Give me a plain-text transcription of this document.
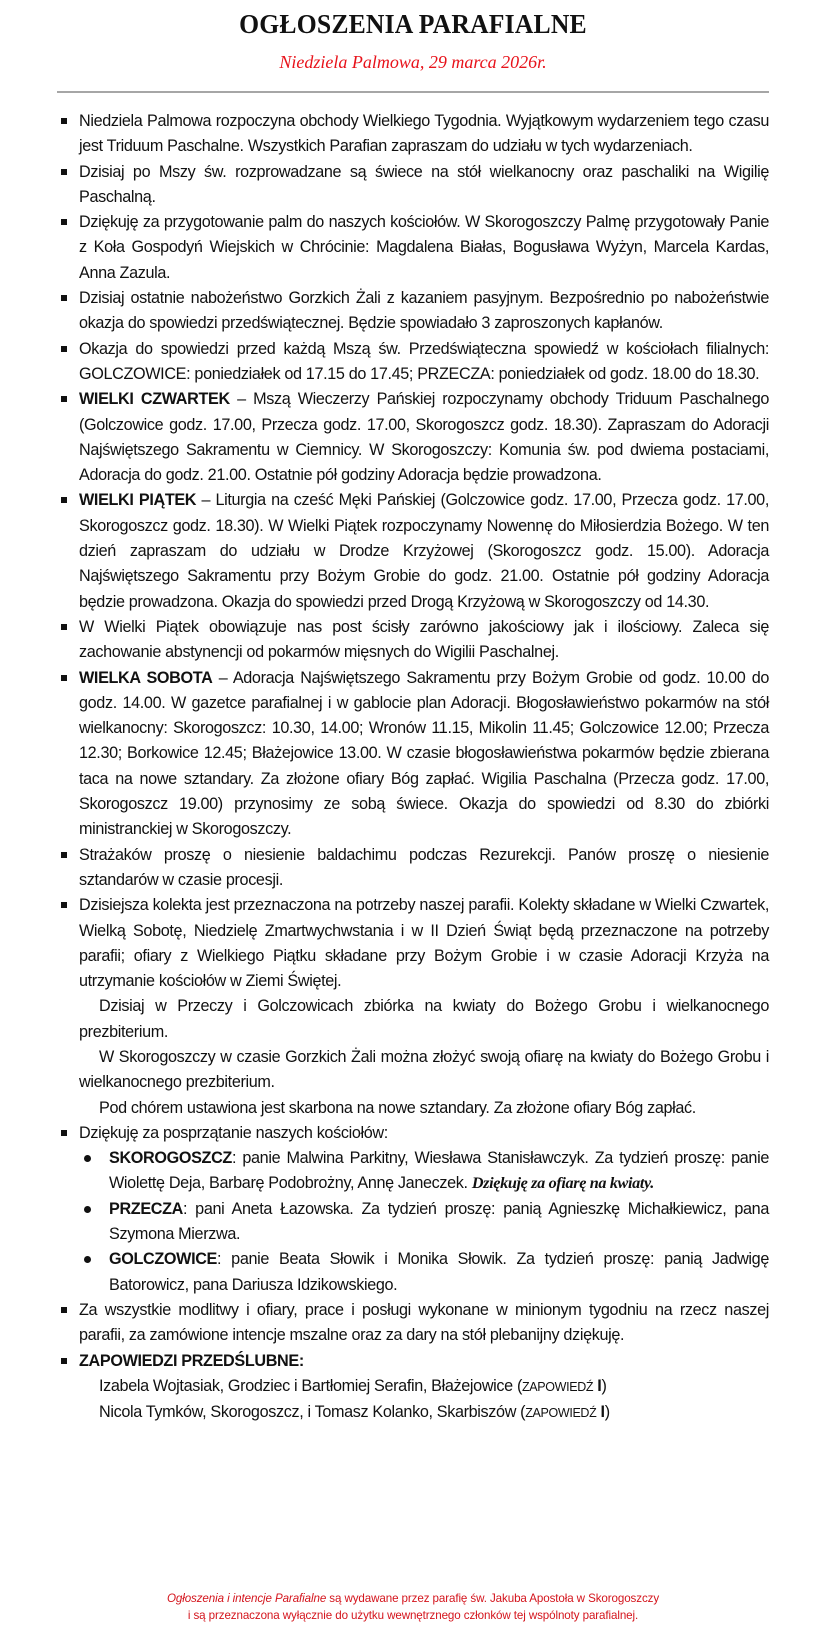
OGŁOSZENIA PARAFIALNE
Niedziela Palmowa, 29 marca 2026r.
Niedziela Palmowa rozpoczyna obchody Wielkiego Tygodnia. Wyjątkowym wydarzeniem tego czasu jest Triduum Paschalne. Wszystkich Parafian zapraszam do udziału w tych wydarzeniach.
Dzisiaj po Mszy św. rozprowadzane są świece na stół wielkanocny oraz paschaliki na Wigilię Paschalną.
Dziękuję za przygotowanie palm do naszych kościołów. W Skorogoszczy Palmę przygotowały Panie z Koła Gospodyń Wiejskich w Chrócinie: Magdalena Białas, Bogusława Wyżyn, Marcela Kardas, Anna Zazula.
Dzisiaj ostatnie nabożeństwo Gorzkich Żali z kazaniem pasyjnym. Bezpośrednio po nabożeństwie okazja do spowiedzi przedświątecznej. Będzie spowiadało 3 zaproszonych kapłanów.
Okazja do spowiedzi przed każdą Mszą św. Przedświąteczna spowiedź w kościołach filialnych: GOLCZOWICE: poniedziałek od 17.15 do 17.45; PRZECZA: poniedziałek od godz. 18.00 do 18.30.
WIELKI CZWARTEK – Mszą Wieczerzy Pańskiej rozpoczynamy obchody Triduum Paschalnego (Golczowice godz. 17.00, Przecza godz. 17.00, Skorogoszcz godz. 18.30). Zapraszam do Adoracji Najświętszego Sakramentu w Ciemnicy. W Skorogoszczy: Komunia św. pod dwiema postaciami, Adoracja do godz. 21.00. Ostatnie pół godziny Adoracja będzie prowadzona.
WIELKI PIĄTEK – Liturgia na cześć Męki Pańskiej (Golczowice godz. 17.00, Przecza godz. 17.00, Skorogoszcz godz. 18.30). W Wielki Piątek rozpoczynamy Nowennę do Miłosierdzia Bożego. W ten dzień zapraszam do udziału w Drodze Krzyżowej (Skorogoszcz godz. 15.00). Adoracja Najświętszego Sakramentu przy Bożym Grobie do godz. 21.00. Ostatnie pół godziny Adoracja będzie prowadzona. Okazja do spowiedzi przed Drogą Krzyżową w Skorogoszczy od 14.30.
W Wielki Piątek obowiązuje nas post ścisły zarówno jakościowy jak i ilościowy. Zaleca się zachowanie abstynencji od pokarmów mięsnych do Wigilii Paschalnej.
WIELKA SOBOTA – Adoracja Najświętszego Sakramentu przy Bożym Grobie od godz. 10.00 do godz. 14.00. W gazetce parafialnej i w gablocie plan Adoracji. Błogosławieństwo pokarmów na stół wielkanocny: Skorogoszcz: 10.30, 14.00; Wronów 11.15, Mikolin 11.45; Golczowice 12.00; Przecza 12.30; Borkowice 12.45; Błażejowice 13.00. W czasie błogosławieństwa pokarmów będzie zbierana taca na nowe sztandary. Za złożone ofiary Bóg zapłać. Wigilia Paschalna (Przecza godz. 17.00, Skorogoszcz 19.00) przynosimy ze sobą świece. Okazja do spowiedzi od 8.30 do zbiórki ministranckiej w Skorogoszczy.
Strażaków proszę o niesienie baldachimu podczas Rezurekcji. Panów proszę o niesienie sztandarów w czasie procesji.
Dzisiejsza kolekta jest przeznaczona na potrzeby naszej parafii. Kolekty składane w Wielki Czwartek, Wielką Sobotę, Niedzielę Zmartwychwstania i w II Dzień Świąt będą przeznaczone na potrzeby parafii; ofiary z Wielkiego Piątku składane przy Bożym Grobie i w czasie Adoracji Krzyża na utrzymanie kościołów w Ziemi Świętej.
Dzisiaj w Przeczy i Golczowicach zbiórka na kwiaty do Bożego Grobu i wielkanocnego prezbiterium.
W Skorogoszczy w czasie Gorzkich Żali można złożyć swoją ofiarę na kwiaty do Bożego Grobu i wielkanocnego prezbiterium.
Pod chórem ustawiona jest skarbona na nowe sztandary. Za złożone ofiary Bóg zapłać.
Dziękuję za posprzątanie naszych kościołów:
SKOROGOSZCZ: panie Malwina Parkitny, Wiesława Stanisławczyk. Za tydzień proszę: panie Wiolettę Deja, Barbarę Podobrożny, Annę Janeczek. Dziękuję za ofiarę na kwiaty.
PRZECZA: pani Aneta Łazowska. Za tydzień proszę: panią Agnieszkę Michałkiewicz, pana Szymona Mierzwa.
GOLCZOWICE: panie Beata Słowik i Monika Słowik. Za tydzień proszę: panią Jadwigę Batorowicz, pana Dariusza Idzikowskiego.
Za wszystkie modlitwy i ofiary, prace i posługi wykonane w minionym tygodniu na rzecz naszej parafii, za zamówione intencje mszalne oraz za dary na stół plebanijny dziękuję.
ZAPOWIEDZI PRZEDŚLUBNE:
Izabela Wojtasiak, Grodziec i Bartłomiej Serafin, Błażejowice (ZAPOWIEDŹ I)
Nicola Tymków, Skorogoszcz, i Tomasz Kolanko, Skarbiszów (ZAPOWIEDŹ I)
Ogłoszenia i intencje Parafialne są wydawane przez parafię św. Jakuba Apostoła w Skorogoszczy
i są przeznaczona wyłącznie do użytku wewnętrznego członków tej wspólnoty parafialnej.
